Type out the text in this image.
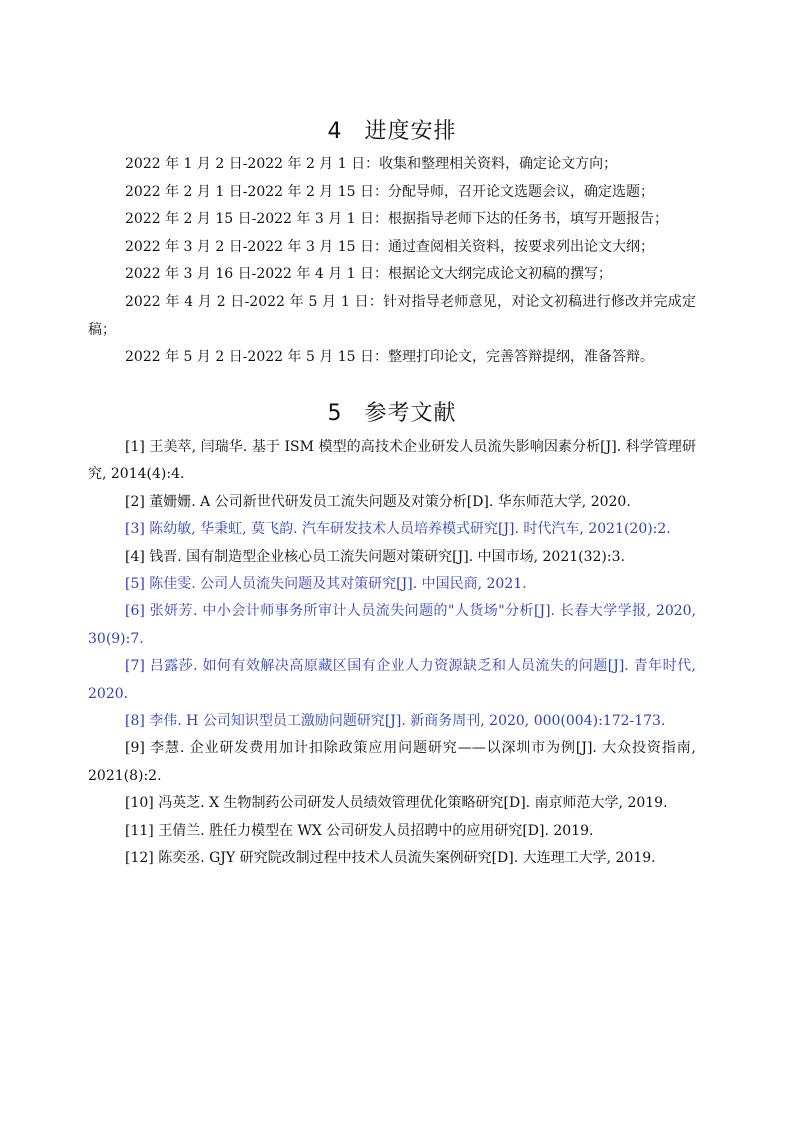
4 进度安排

2022 年 1 月 2 日-2022 年 2 月 1 日：收集和整理相关资料，确定论文方向；

2022 年 2 月 1 日-2022 年 2 月 15 日：分配导师，召开论文选题会议，确定选题；

2022 年 2 月 15 日-2022 年 3 月 1 日：根据指导老师下达的任务书，填写开题报告；

2022 年 3 月 2 日-2022 年 3 月 15 日：通过查阅相关资料，按要求列出论文大纲；

2022 年 3 月 16 日-2022 年 4 月 1 日：根据论文大纲完成论文初稿的撰写；

2022 年 4 月 2 日-2022 年 5 月 1 日：针对指导老师意见，对论文初稿进行修改并完成定稿；

2022 年 5 月 2 日-2022 年 5 月 15 日：整理打印论文，完善答辩提纲，准备答辩。

5 参考文献

[1] 王美萃, 闫瑞华. 基于 ISM 模型的高技术企业研发人员流失影响因素分析[J]. 科学管理研究, 2014(4):4.

[2] 董姗姗. A 公司新世代研发员工流失问题及对策分析[D]. 华东师范大学, 2020.

[3] 陈幼敏, 华秉虹, 莫飞韵. 汽车研发技术人员培养模式研究[J]. 时代汽车, 2021(20):2.

[4] 钱晋. 国有制造型企业核心员工流失问题对策研究[J]. 中国市场, 2021(32):3.

[5] 陈佳雯. 公司人员流失问题及其对策研究[J]. 中国民商, 2021.

[6] 张妍芳. 中小会计师事务所审计人员流失问题的"人货场"分析[J]. 长春大学学报, 2020, 30(9):7.

[7] 吕露莎. 如何有效解决高原藏区国有企业人力资源缺乏和人员流失的问题[J]. 青年时代, 2020.

[8] 李伟. H 公司知识型员工激励问题研究[J]. 新商务周刊, 2020, 000(004):172-173.

[9] 李慧. 企业研发费用加计扣除政策应用问题研究——以深圳市为例[J]. 大众投资指南, 2021(8):2.

[10] 冯英芝. X 生物制药公司研发人员绩效管理优化策略研究[D]. 南京师范大学, 2019.

[11] 王倩兰. 胜任力模型在 WX 公司研发人员招聘中的应用研究[D]. 2019.

[12] 陈奕丞. GJY 研究院改制过程中技术人员流失案例研究[D]. 大连理工大学, 2019.
